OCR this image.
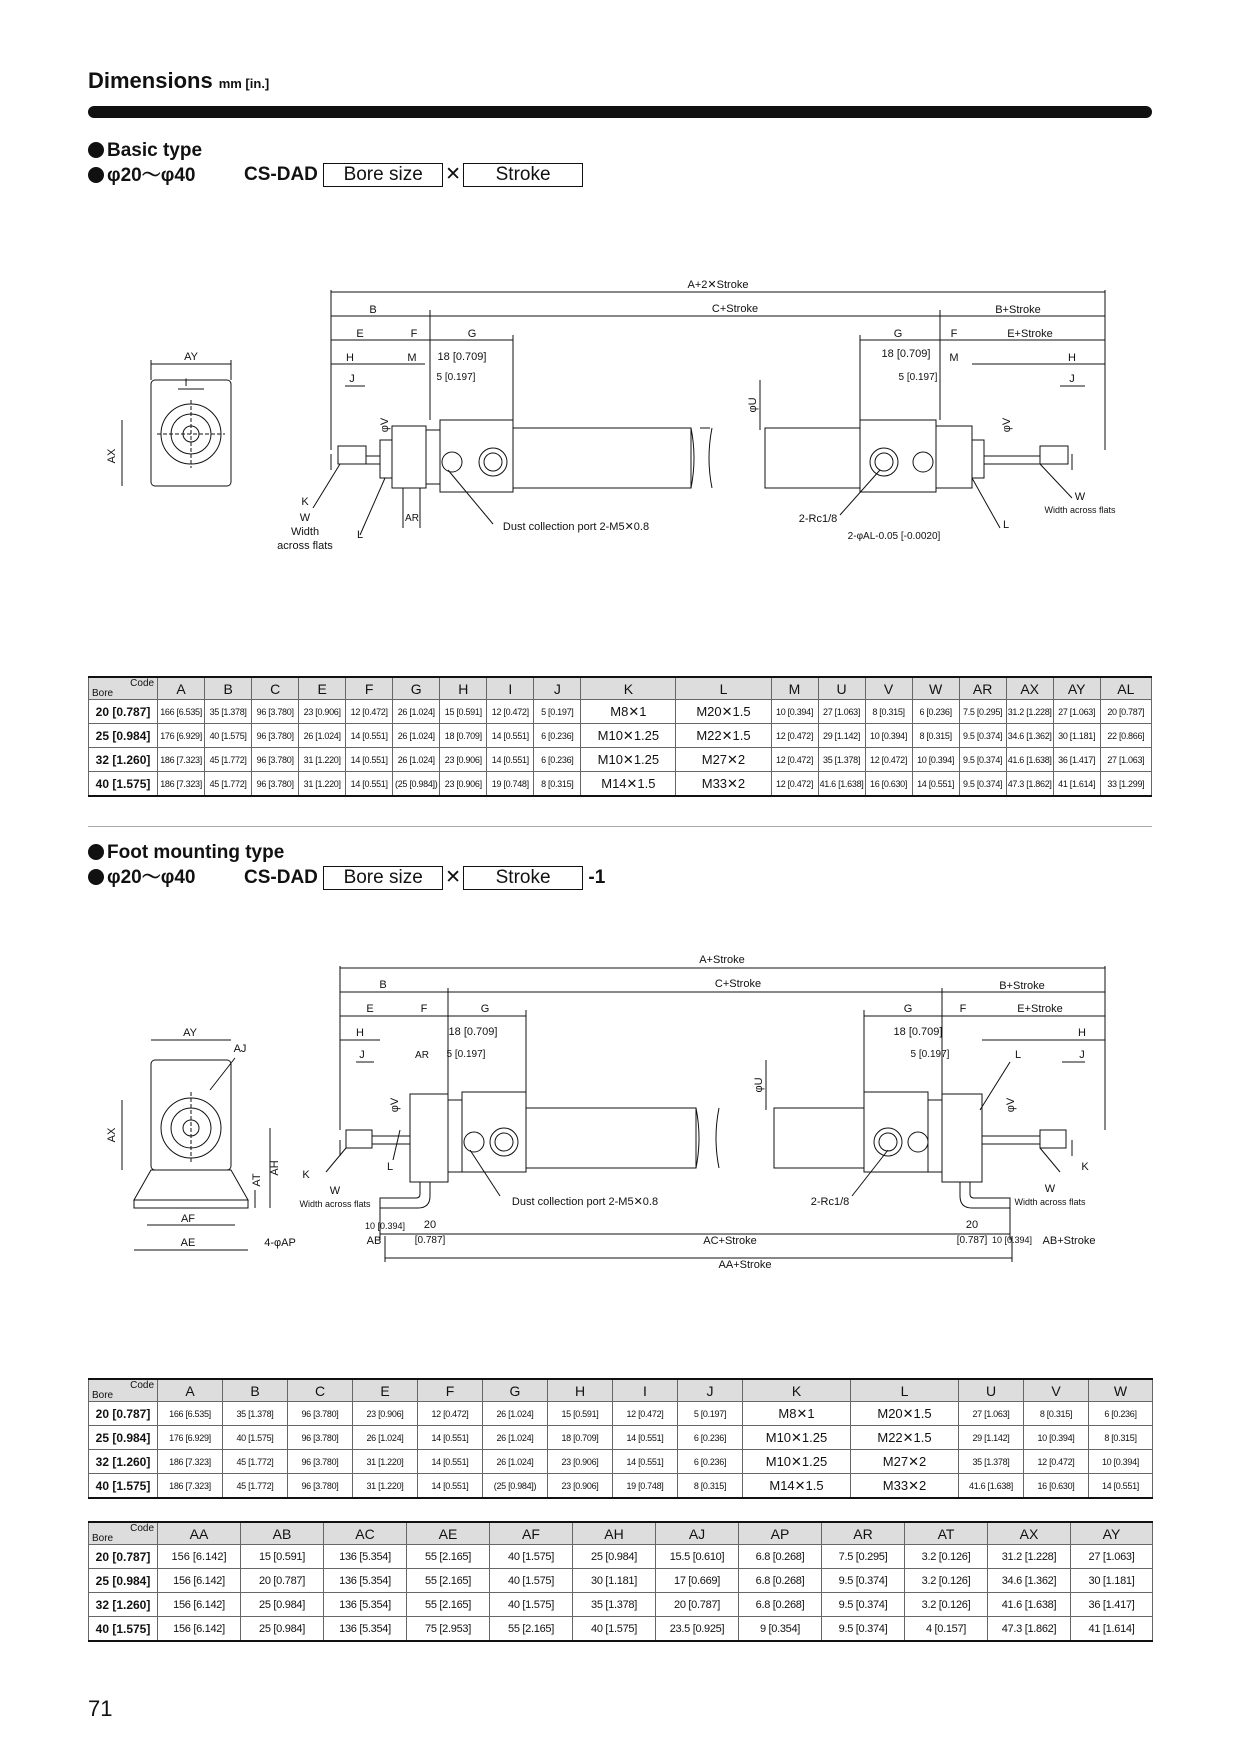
Dimensions mm [in.]
Basic type
φ20～φ40	CS-DAD Bore size ✕ Stroke
A+2✕Stroke
B	C+Stroke	B+Stroke
E	F	G	G	F	E+Stroke
H	M	M	H
J	J
AY
I
AX
18 [0.709]
5 [0.197]
18 [0.709]
5 [0.197]
φU
φV	φV
K
W
Width
across flats
L
AR
Dust collection port 2-M5✕0.8
2-Rc1/8
2-φAL-0.05 [-0.0020]
L
W
Width across flats
Code
Bore	A	B	C	E	F	G	H	I	J	K	L	M	U	V	W	AR	AX	AY	AL
20 [0.787]	166 [6.535]	35 [1.378]	96 [3.780]	23 [0.906]	12 [0.472]	26 [1.024]	15 [0.591]	12 [0.472]	5 [0.197]	M8✕1	M20✕1.5	10 [0.394]	27 [1.063]	8 [0.315]	6 [0.236]	7.5 [0.295]	31.2 [1.228]	27 [1.063]	20 [0.787]
25 [0.984]	176 [6.929]	40 [1.575]	96 [3.780]	26 [1.024]	14 [0.551]	26 [1.024]	18 [0.709]	14 [0.551]	6 [0.236]	M10✕1.25	M22✕1.5	12 [0.472]	29 [1.142]	10 [0.394]	8 [0.315]	9.5 [0.374]	34.6 [1.362]	30 [1.181]	22 [0.866]
32 [1.260]	186 [7.323]	45 [1.772]	96 [3.780]	31 [1.220]	14 [0.551]	26 [1.024]	23 [0.906]	14 [0.551]	6 [0.236]	M10✕1.25	M27✕2	12 [0.472]	35 [1.378]	12 [0.472]	10 [0.394]	9.5 [0.374]	41.6 [1.638]	36 [1.417]	27 [1.063]
40 [1.575]	186 [7.323]	45 [1.772]	96 [3.780]	31 [1.220]	14 [0.551]	(25 [0.984])	23 [0.906]	19 [0.748]	8 [0.315]	M14✕1.5	M33✕2	12 [0.472]	41.6 [1.638]	16 [0.630]	14 [0.551]	9.5 [0.374]	47.3 [1.862]	41 [1.614]	33 [1.299]
Foot mounting type
φ20～φ40	CS-DAD Bore size ✕ Stroke -1
A+Stroke
B	C+Stroke	B+Stroke
E	F	G	G	F	E+Stroke
H	H
J	J
18 [0.709]
5 [0.197]
18 [0.709]
5 [0.197]
AR	L
AY
AJ
AX
AT
AH
AF
AE	4-φAP
φU
φV	φV
K
W
Width across flats
L	K
W
Width across flats
Dust collection port 2-M5✕0.8	2-Rc1/8
10 [0.394] 20
[0.787]
AB	AC+Stroke
20
[0.787] 10 [0.394] AB+Stroke
AA+Stroke
Code
Bore	A	B	C	E	F	G	H	I	J	K	L	U	V	W
20 [0.787]	166 [6.535]	35 [1.378]	96 [3.780]	23 [0.906]	12 [0.472]	26 [1.024]	15 [0.591]	12 [0.472]	5 [0.197]	M8✕1	M20✕1.5	27 [1.063]	8 [0.315]	6 [0.236]
25 [0.984]	176 [6.929]	40 [1.575]	96 [3.780]	26 [1.024]	14 [0.551]	26 [1.024]	18 [0.709]	14 [0.551]	6 [0.236]	M10✕1.25	M22✕1.5	29 [1.142]	10 [0.394]	8 [0.315]
32 [1.260]	186 [7.323]	45 [1.772]	96 [3.780]	31 [1.220]	14 [0.551]	26 [1.024]	23 [0.906]	14 [0.551]	6 [0.236]	M10✕1.25	M27✕2	35 [1.378]	12 [0.472]	10 [0.394]
40 [1.575]	186 [7.323]	45 [1.772]	96 [3.780]	31 [1.220]	14 [0.551]	(25 [0.984])	23 [0.906]	19 [0.748]	8 [0.315]	M14✕1.5	M33✕2	41.6 [1.638]	16 [0.630]	14 [0.551]
Code
Bore	AA	AB	AC	AE	AF	AH	AJ	AP	AR	AT	AX	AY
20 [0.787]	156 [6.142]	15 [0.591]	136 [5.354]	55 [2.165]	40 [1.575]	25 [0.984]	15.5 [0.610]	6.8 [0.268]	7.5 [0.295]	3.2 [0.126]	31.2 [1.228]	27 [1.063]
25 [0.984]	156 [6.142]	20 [0.787]	136 [5.354]	55 [2.165]	40 [1.575]	30 [1.181]	17 [0.669]	6.8 [0.268]	9.5 [0.374]	3.2 [0.126]	34.6 [1.362]	30 [1.181]
32 [1.260]	156 [6.142]	25 [0.984]	136 [5.354]	55 [2.165]	40 [1.575]	35 [1.378]	20 [0.787]	6.8 [0.268]	9.5 [0.374]	3.2 [0.126]	41.6 [1.638]	36 [1.417]
40 [1.575]	156 [6.142]	25 [0.984]	136 [5.354]	75 [2.953]	55 [2.165]	40 [1.575]	23.5 [0.925]	9 [0.354]	9.5 [0.374]	4 [0.157]	47.3 [1.862]	41 [1.614]
71
